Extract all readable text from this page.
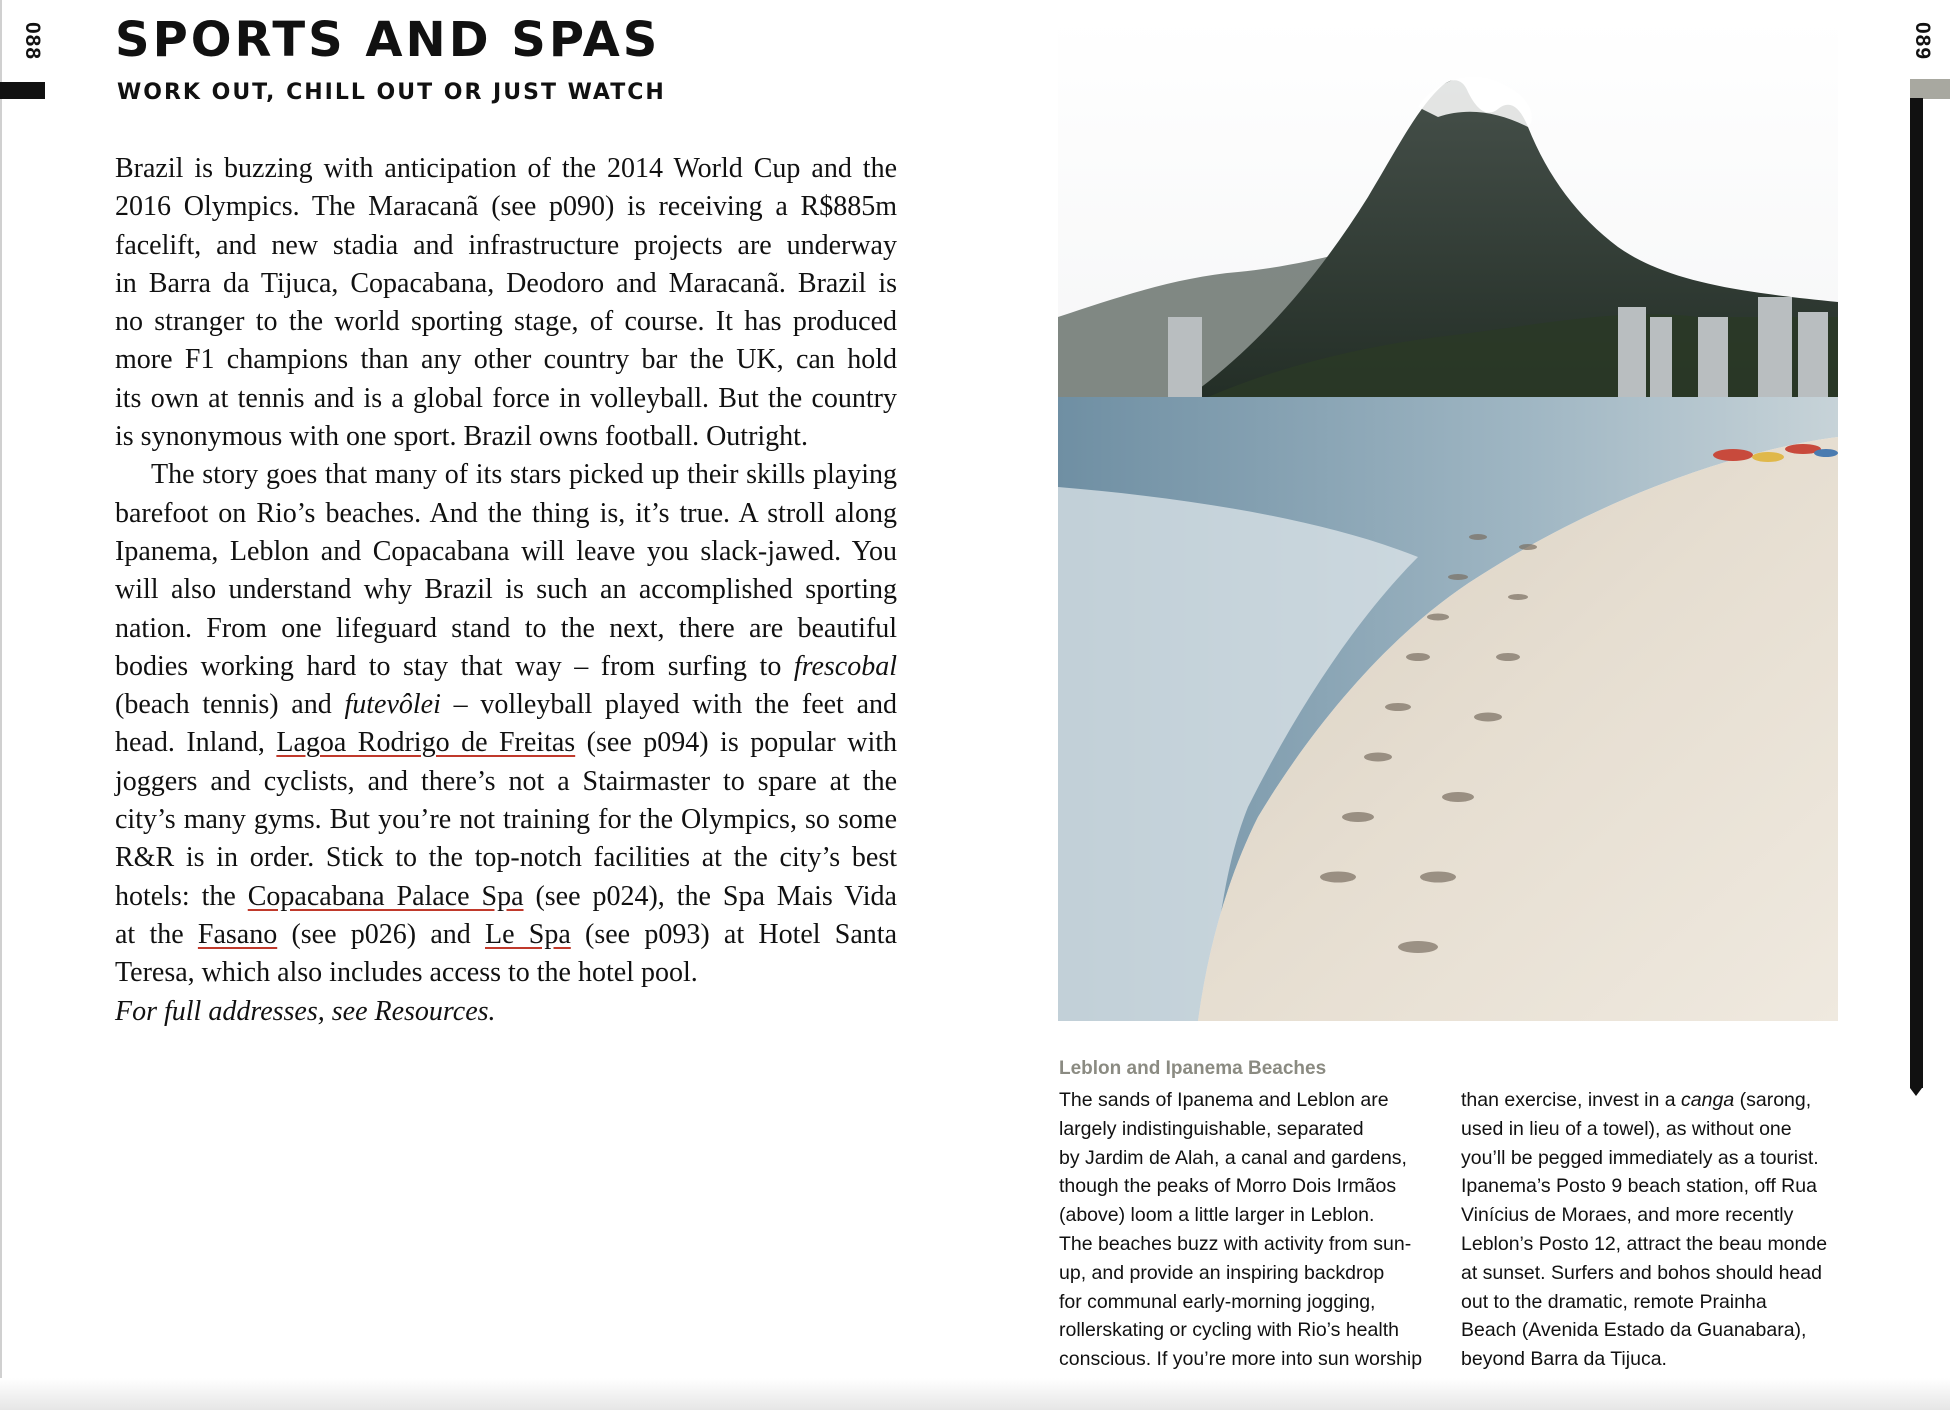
088	089
SPORTS AND SPAS
WORK OUT, CHILL OUT OR JUST WATCH

Brazil is buzzing with anticipation of the 2014 World Cup and the
2016 Olympics. The Maracanã (see p090) is receiving a R$885m
facelift, and new stadia and infrastructure projects are underway
in Barra da Tijuca, Copacabana, Deodoro and Maracanã. Brazil is
no stranger to the world sporting stage, of course. It has produced
more F1 champions than any other country bar the UK, can hold
its own at tennis and is a global force in volleyball. But the country
is synonymous with one sport. Brazil owns football. Outright.

The story goes that many of its stars picked up their skills playing
barefoot on Rio’s beaches. And the thing is, it’s true. A stroll along
Ipanema, Leblon and Copacabana will leave you slack-jawed. You
will also understand why Brazil is such an accomplished sporting
nation. From one lifeguard stand to the next, there are beautiful
bodies working hard to stay that way – from surfing to frescobal
(beach tennis) and futevôlei – volleyball played with the feet and
head. Inland, Lagoa Rodrigo de Freitas (see p094) is popular with
joggers and cyclists, and there’s not a Stairmaster to spare at the
city’s many gyms. But you’re not training for the Olympics, so some
R&R is in order. Stick to the top-notch facilities at the city’s best
hotels: the Copacabana Palace Spa (see p024), the Spa Mais Vida
at the Fasano (see p026) and Le Spa (see p093) at Hotel Santa
Teresa, which also includes access to the hotel pool.

For full addresses, see Resources.

Leblon and Ipanema Beaches
The sands of Ipanema and Leblon are
largely indistinguishable, separated
by Jardim de Alah, a canal and gardens,
though the peaks of Morro Dois Irmãos
(above) loom a little larger in Leblon.
The beaches buzz with activity from sun-
up, and provide an inspiring backdrop
for communal early-morning jogging,
rollerskating or cycling with Rio’s health
conscious. If you’re more into sun worship
than exercise, invest in a canga (sarong,
used in lieu of a towel), as without one
you’ll be pegged immediately as a tourist.
Ipanema’s Posto 9 beach station, off Rua
Vinícius de Moraes, and more recently
Leblon’s Posto 12, attract the beau monde
at sunset. Surfers and bohos should head
out to the dramatic, remote Prainha
Beach (Avenida Estado da Guanabara),
beyond Barra da Tijuca.
